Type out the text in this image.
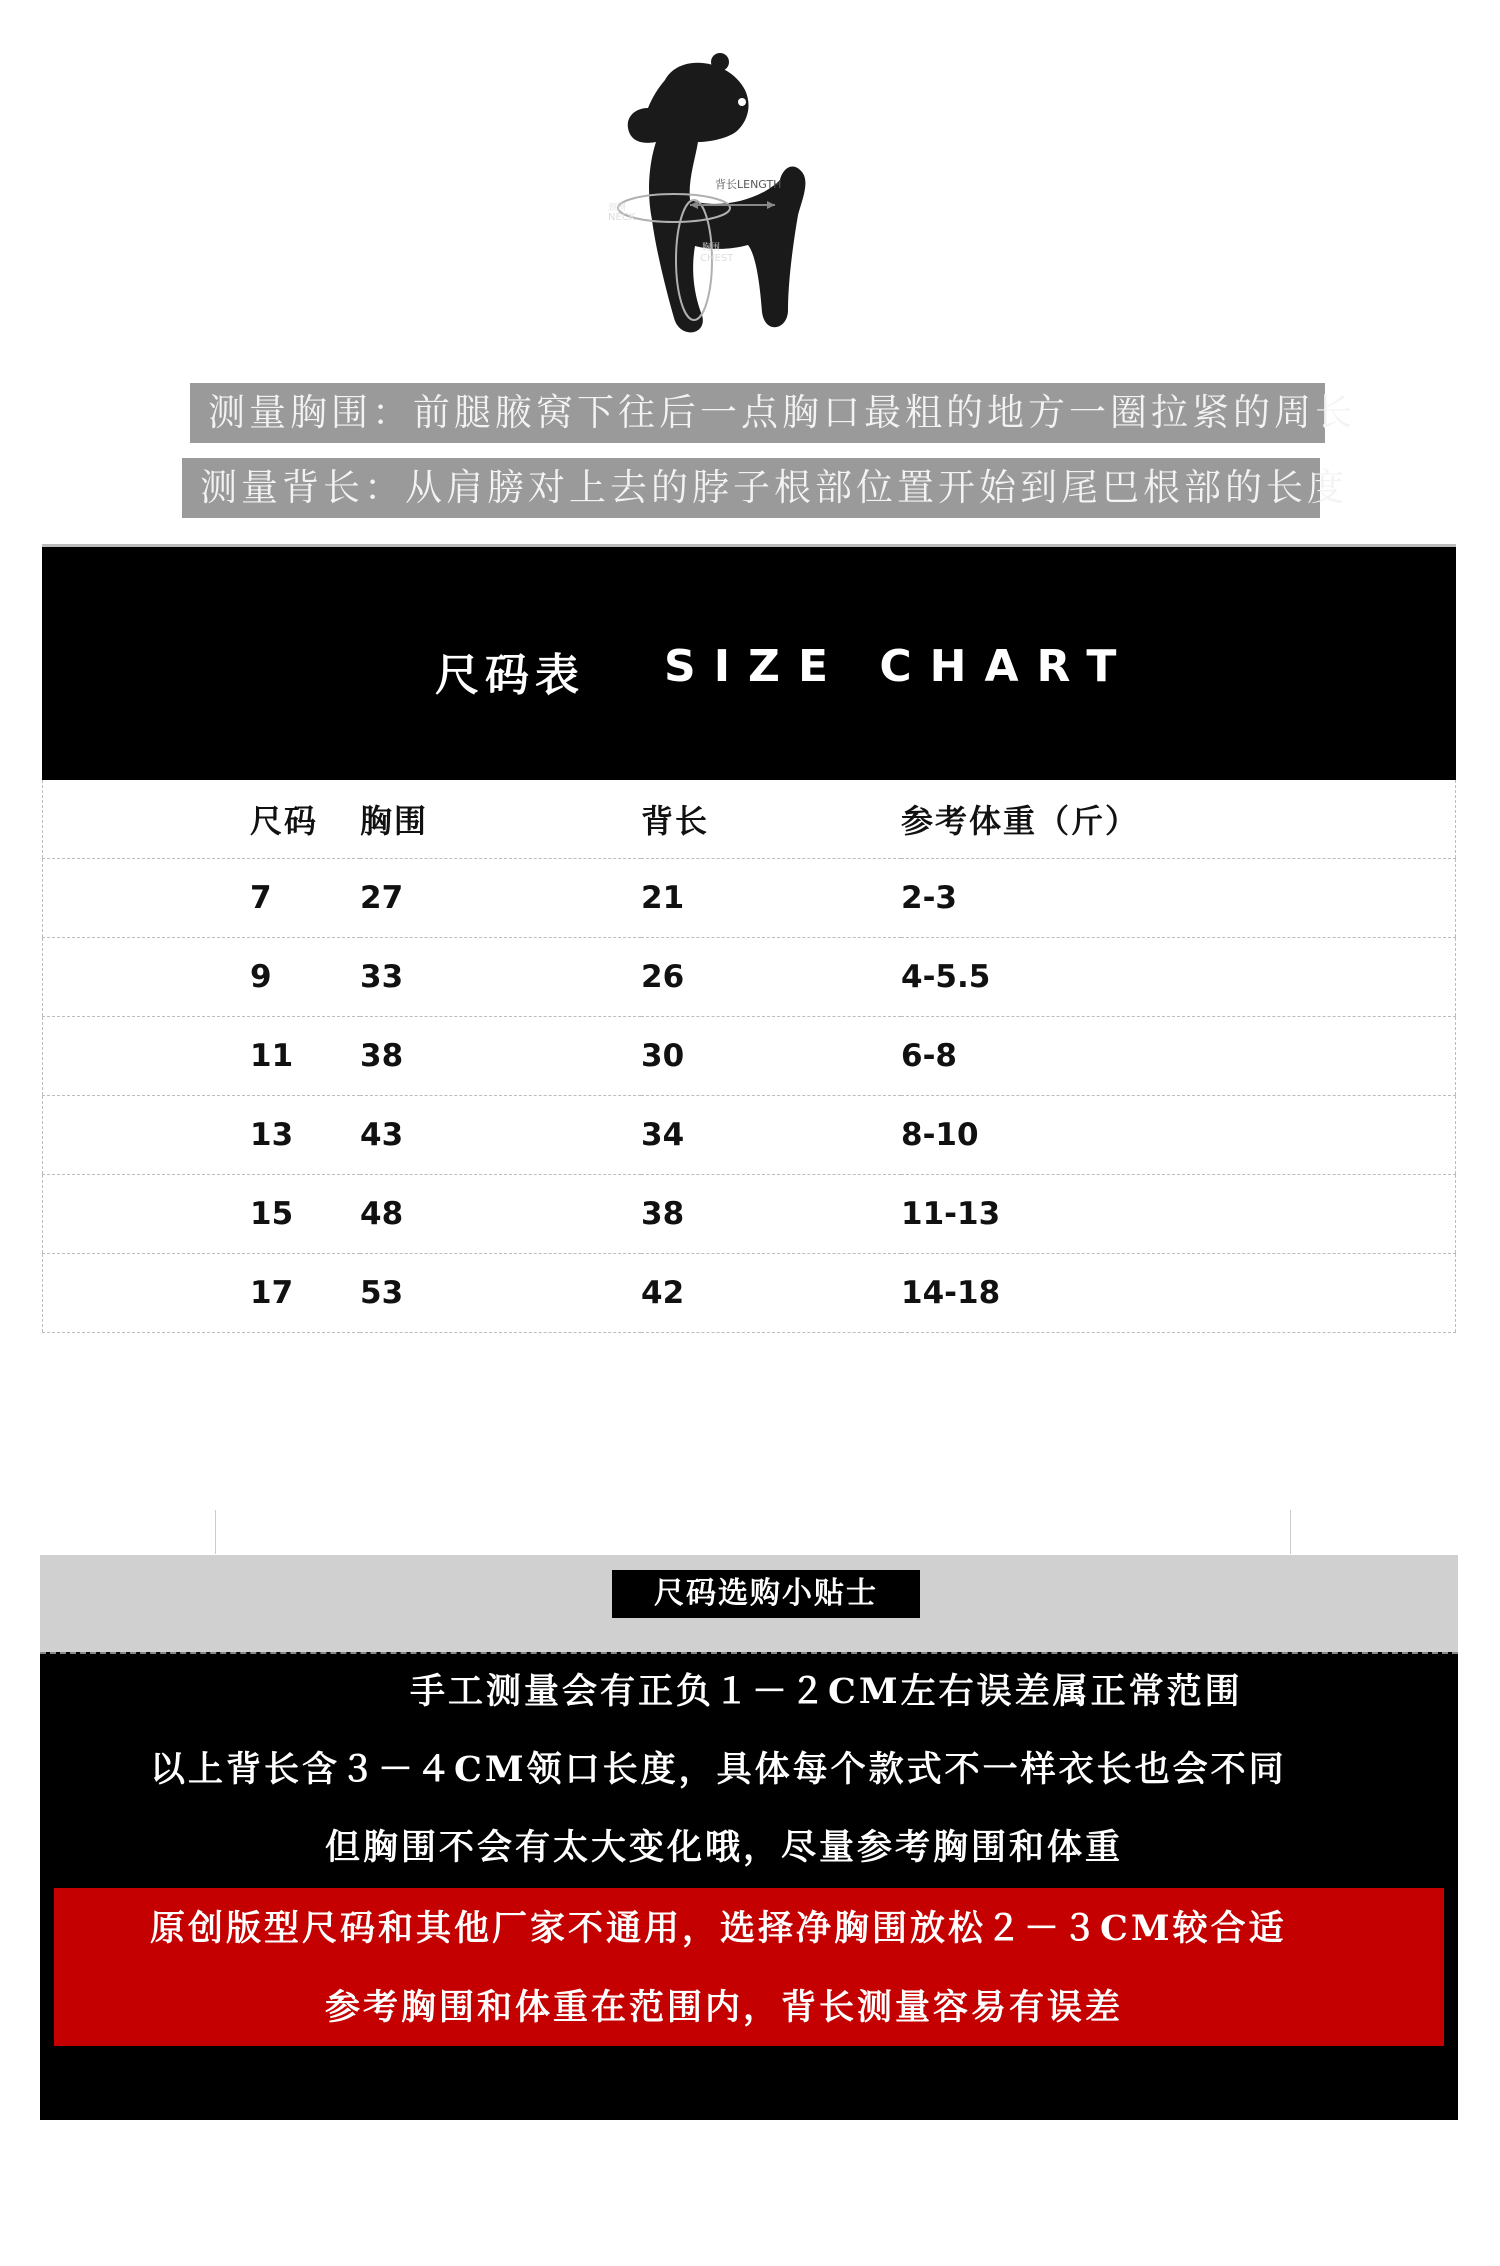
背长LENGTH
颈围
NECK
胸围
CHEST
测量胸围：前腿腋窝下往后一点胸口最粗的地方一圈拉紧的周长
测量背长：从肩膀对上去的脖子根部位置开始到尾巴根部的长度
尺码表 SIZE CHART
尺码	胸围	背长	参考体重（斤）
7	27	21	2-3
9	33	26	4-5.5
11	38	30	6-8
13	43	34	8-10
15	48	38	11-13
17	53	42	14-18
尺码选购小贴士
手工测量会有正负１－２CM左右误差属正常范围
以上背长含３－４CM领口长度，具体每个款式不一样衣长也会不同
但胸围不会有太大变化哦，尽量参考胸围和体重
原创版型尺码和其他厂家不通用，选择净胸围放松２－３CM较合适
参考胸围和体重在范围内，背长测量容易有误差
